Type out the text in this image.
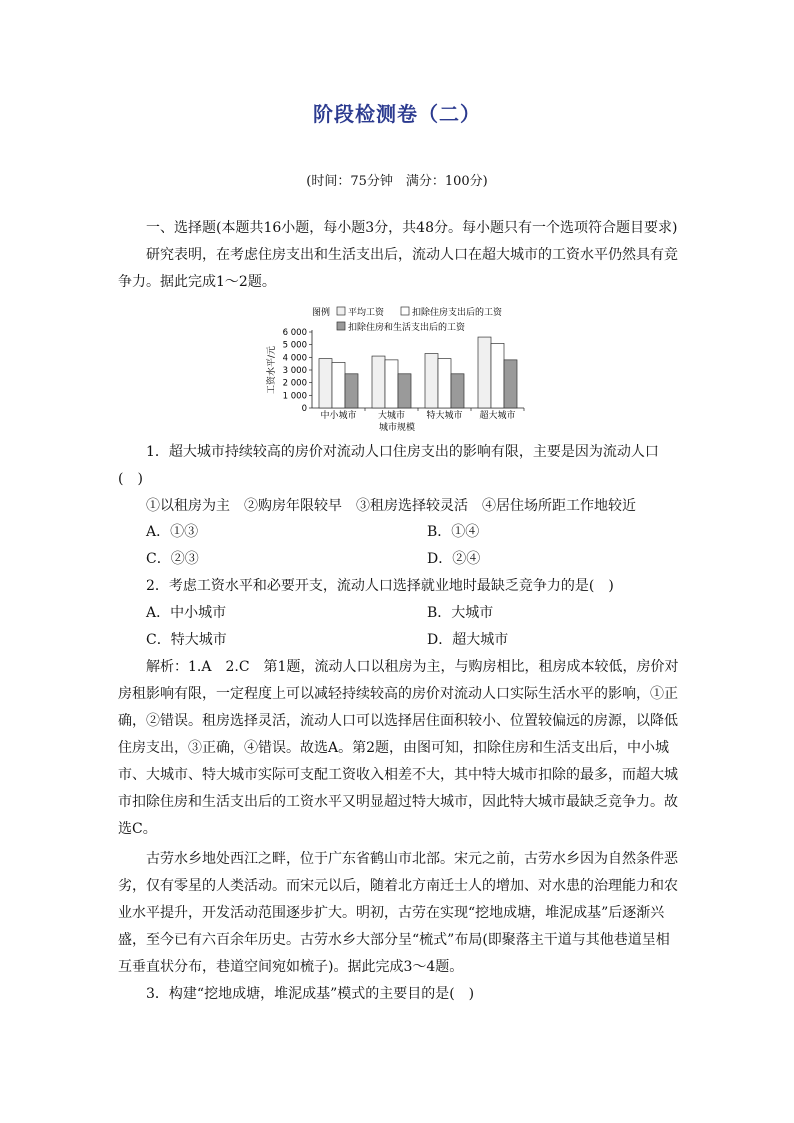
阶段检测卷（二）
(时间：75分钟　满分：100分)
一、选择题(本题共16小题，每小题3分，共48分。每小题只有一个选项符合题目要求)
研究表明，在考虑住房支出和生活支出后，流动人口在超大城市的工资水平仍然具有竞
争力。据此完成1～2题。
图例 平均工资	扣除住房支出后的工资
扣除住房和生活支出后的工资
工资水平/元
城市规模
6 000
5 000
4 000
3 000
2 000
1 000
0
中小城市 大城市 特大城市 超大城市
1．超大城市持续较高的房价对流动人口住房支出的影响有限，主要是因为流动人口
(　)
①以租房为主　②购房年限较早　③租房选择较灵活　④居住场所距工作地较近
A．①③	B．①④
C．②③	D．②④
2．考虑工资水平和必要开支，流动人口选择就业地时最缺乏竞争力的是(　)
A．中小城市	B．大城市
C．特大城市	D．超大城市
解析：1.A　2.C　第1题，流动人口以租房为主，与购房相比，租房成本较低，房价对
房租影响有限，一定程度上可以减轻持续较高的房价对流动人口实际生活水平的影响，①正
确，②错误。租房选择灵活，流动人口可以选择居住面积较小、位置较偏远的房源，以降低
住房支出，③正确，④错误。故选A。第2题，由图可知，扣除住房和生活支出后，中小城
市、大城市、特大城市实际可支配工资收入相差不大，其中特大城市扣除的最多，而超大城
市扣除住房和生活支出后的工资水平又明显超过特大城市，因此特大城市最缺乏竞争力。故
选C。
古劳水乡地处西江之畔，位于广东省鹤山市北部。宋元之前，古劳水乡因为自然条件恶
劣，仅有零星的人类活动。而宋元以后，随着北方南迁士人的增加、对水患的治理能力和农
业水平提升，开发活动范围逐步扩大。明初，古劳在实现“挖地成塘，堆泥成基”后逐渐兴
盛，至今已有六百余年历史。古劳水乡大部分呈“梳式”布局(即聚落主干道与其他巷道呈相
互垂直状分布，巷道空间宛如梳子)。据此完成3～4题。
3．构建“挖地成塘，堆泥成基”模式的主要目的是(　)
